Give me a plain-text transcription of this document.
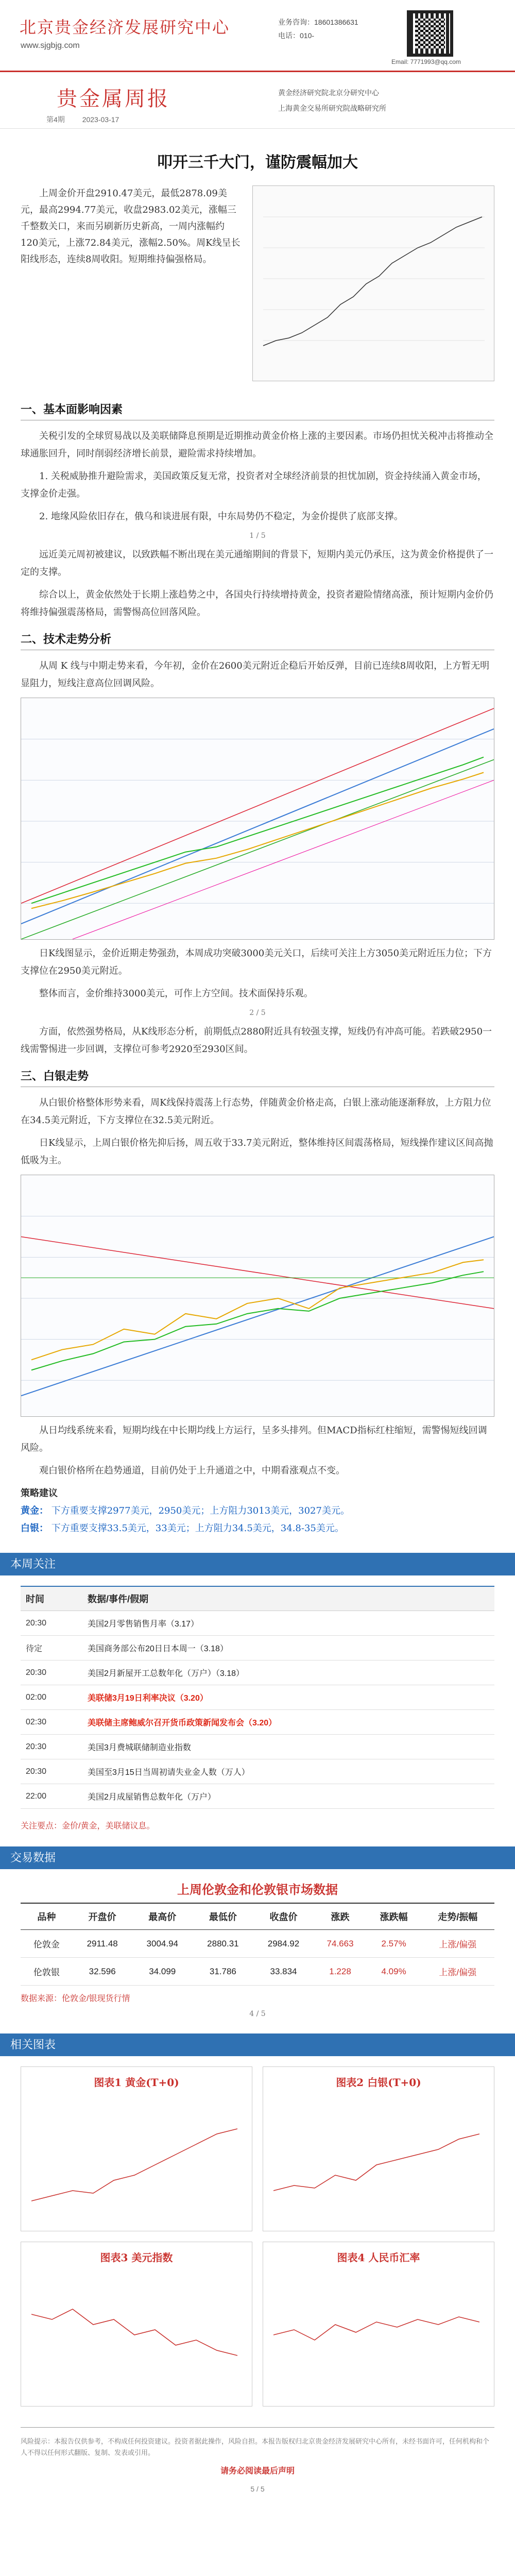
北京贵金经济发展研究中心
www.sjgbjg.com
业务咨询：18601386631
电话：010-
Email: 7771993@qq.com
贵金属周报
第4期 2023-03-17
黄金经济研究院北京分研究中心
上海黄金交易所研究院战略研究所
叩开三千大门，谨防震幅加大
上周金价开盘2910.47美元，最低2878.09美元，最高2994.77美元，收盘2983.02美元，涨幅三千整数关口，来而另刷新历史新高，一周内涨幅约120美元，上涨72.84美元，涨幅2.50%。周K线呈长阳线形态，连续8周收阳。短期维持偏强格局。
一、基本面影响因素

关税引发的全球贸易战以及美联储降息预期是近期推动黄金价格上涨的主要因素。市场仍担忧关税冲击将推动全球通胀回升，同时削弱经济增长前景，避险需求持续增加。

1. 关税威胁推升避险需求，美国政策反复无常，投资者对全球经济前景的担忧加剧，资金持续涌入黄金市场，支撑金价走强。

2. 地缘风险依旧存在，俄乌和谈进展有限，中东局势仍不稳定，为金价提供了底部支撑。

1 / 5

远近美元周初被建议，以致跌幅不断出现在美元通缩期间的背景下，短期内美元仍承压，这为黄金价格提供了一定的支撑。

综合以上，黄金依然处于长期上涨趋势之中，各国央行持续增持黄金，投资者避险情绪高涨，预计短期内金价仍将维持偏强震荡格局，需警惕高位回落风险。

二、技术走势分析

从周 K 线与中期走势来看，今年初，金价在2600美元附近企稳后开始反弹，目前已连续8周收阳，上方暂无明显阻力，短线注意高位回调风险。

日K线图显示，金价近期走势强劲，本周成功突破3000美元关口，后续可关注上方3050美元附近压力位；下方支撑位在2950美元附近。

整体而言，金价维持3000美元，可作上方空间。技术面保持乐观。

2 / 5

方面，依然强势格局，从K线形态分析，前期低点2880附近具有较强支撑，短线仍有冲高可能。若跌破2950一线需警惕进一步回调，支撑位可参考2920至2930区间。

三、白银走势

从白银价格整体形势来看，周K线保持震荡上行态势，伴随黄金价格走高，白银上涨动能逐渐释放，上方阻力位在34.5美元附近，下方支撑位在32.5美元附近。

日K线显示，上周白银价格先抑后扬，周五收于33.7美元附近，整体维持区间震荡格局，短线操作建议区间高抛低吸为主。

从日均线系统来看，短期均线在中长期均线上方运行，呈多头排列。但MACD指标红柱缩短，需警惕短线回调风险。

观白银价格所在趋势通道，目前仍处于上升通道之中，中期看涨观点不变。

策略建议
黄金： 下方重要支撑2977美元，2950美元；上方阻力3013美元，3027美元。
白银： 下方重要支撑33.5美元，33美元；上方阻力34.5美元，34.8-35美元。
本周关注
时间	数据/事件/假期
20:30	美国2月零售销售月率（3.17）
待定	美国商务部公布20日日本周一（3.18）
20:30	美国2月新屋开工总数年化（万户）（3.18）
02:00	美联储3月19日利率决议（3.20）
02:30	美联储主席鲍威尔召开货币政策新闻发布会（3.20）
20:30	美国3月费城联储制造业指数
20:30	美国至3月15日当周初请失业金人数（万人）
22:00	美国2月成屋销售总数年化（万户）
关注要点：金价/黄金，美联储议息。
交易数据
上周伦敦金和伦敦银市场数据
品种	开盘价	最高价	最低价	收盘价	涨跌	涨跌幅	走势/振幅
伦敦金	2911.48	3004.94	2880.31	2984.92	74.663	2.57%	上涨/偏强
伦敦银	32.596	34.099	31.786	33.834	1.228	4.09%	上涨/偏强
数据来源：伦敦金/银现货行情
4 / 5
相关图表
图表1 黄金(T+0)	图表2 白银(T+0)
图表3 美元指数	图表4 人民币汇率
风险提示：本报告仅供参考，不构成任何投资建议。投资者据此操作，风险自担。本报告版权归北京贵金经济发展研究中心所有，未经书面许可，任何机构和个人不得以任何形式翻版、复制、发表或引用。
请务必阅读最后声明
5 / 5
